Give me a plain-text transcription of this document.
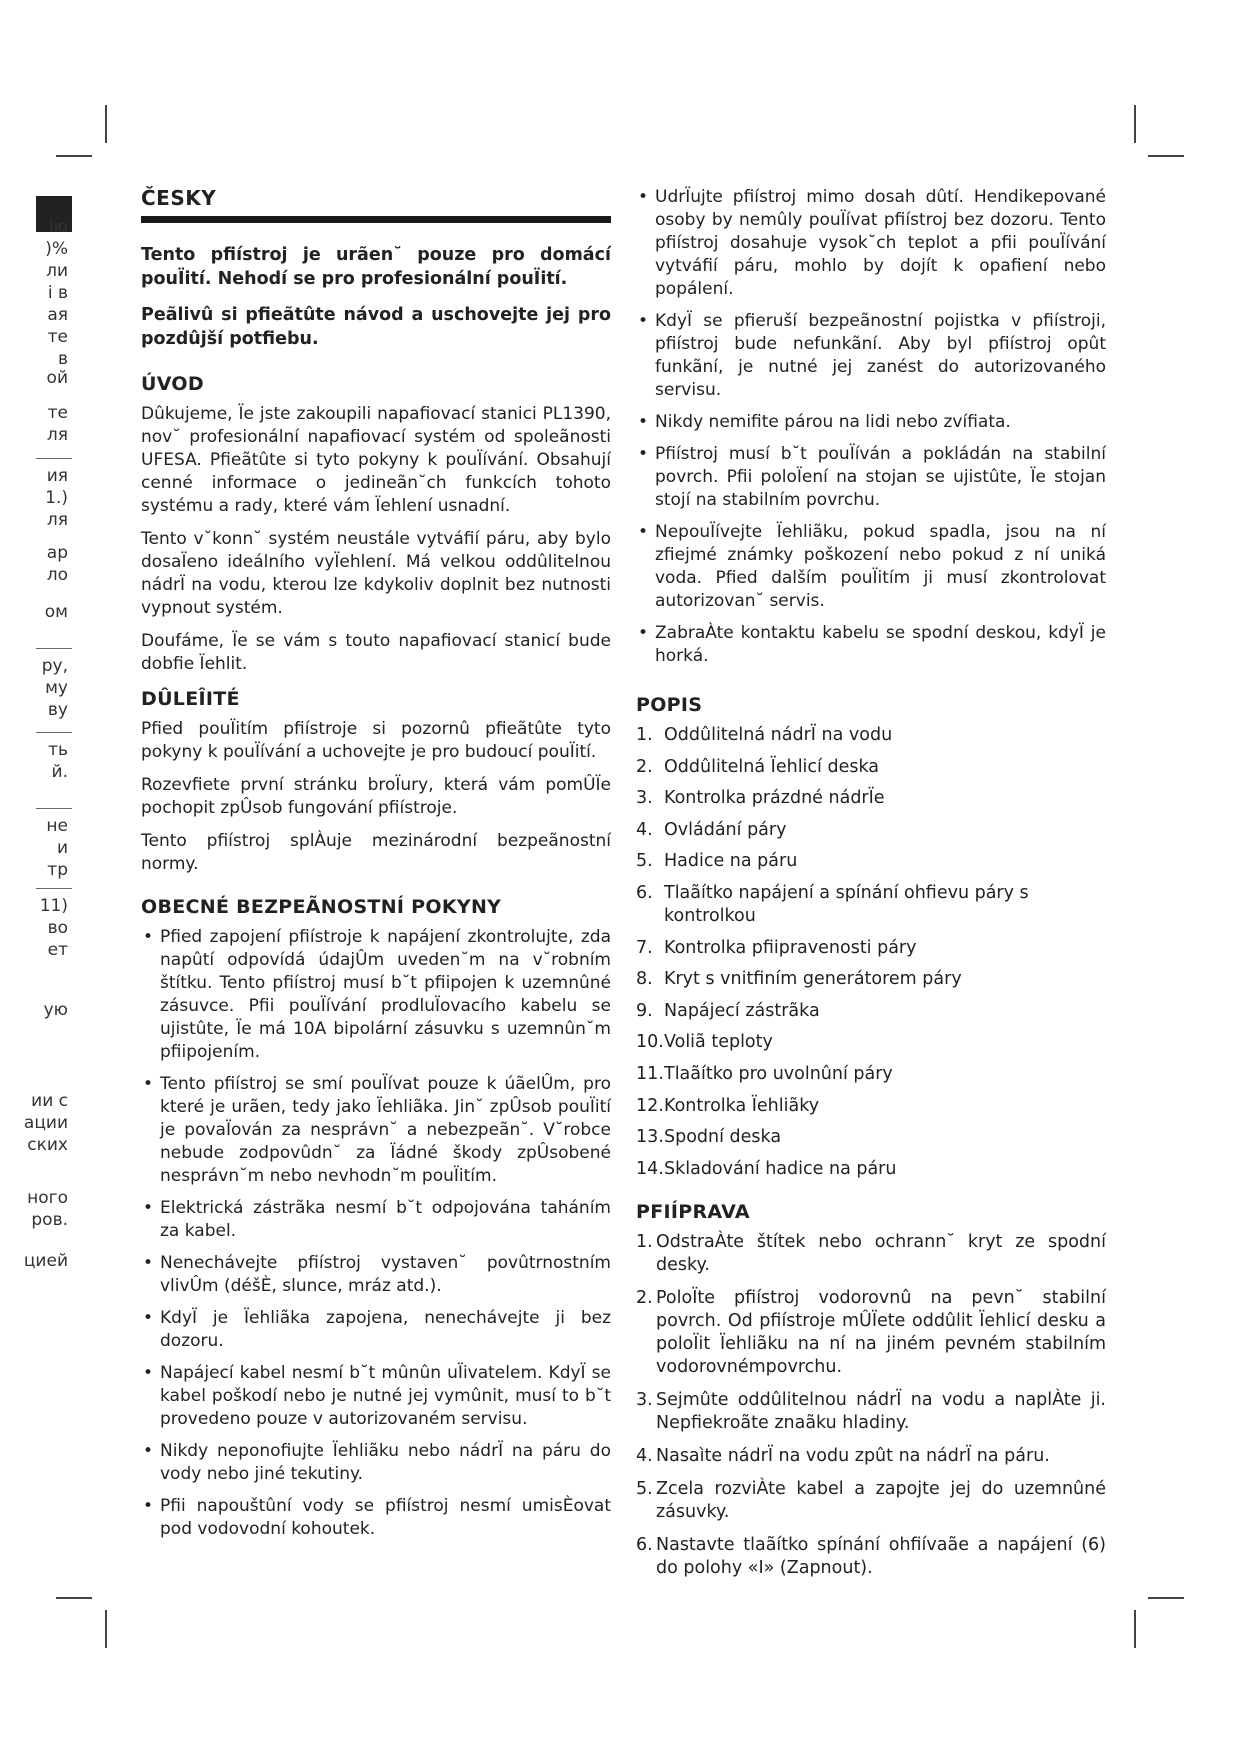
ію
)%
ли
і в
ая
те
в
ой
те
ля
ия
1.)
ля
ар
ло
ом
ру,
му
ву
ть
й.
не
и
тр
11)
во
ет
ую
ии с
ации
ских
ного
ров.
цией
ČESKY

Tento pfiístroj je urãen˘ pouze pro domácí pouÏití. Nehodí se pro profesionální pouÏití.

Peãlivû si pfieãtûte návod a uschovejte jej pro pozdûjší potfiebu.

ÚVOD

Dûkujeme, Ïe jste zakoupili napafiovací stanici PL1390, nov˘ profesionální napafiovací systém od spoleãnosti UFESA. Pfieãtûte si tyto pokyny k pouÏívání. Obsahují cenné informace o jedineãn˘ch funkcích tohoto systému a rady, které vám Ïehlení usnadní.

Tento v˘konn˘ systém neustále vytváfií páru, aby bylo dosaÏeno ideálního vyÏehlení. Má velkou oddûlitelnou nádrÏ na vodu, kterou lze kdykoliv doplnit bez nutnosti vypnout systém.

Doufáme, Ïe se vám s touto napafiovací stanicí bude dobfie Ïehlit.

DÛLEÎITÉ

Pfied pouÏitím pfiístroje si pozornû pfieãtûte tyto pokyny k pouÏívání a uchovejte je pro budoucí pouÏití.

Rozevfiete první stránku broÏury, která vám pomÛÏe pochopit zpÛsob fungování pfiístroje.

Tento pfiístroj splÀuje mezinárodní bezpeãnostní normy.

OBECNÉ BEZPEÃNOSTNÍ POKYNY
• Pfied zapojení pfiístroje k napájení zkontrolujte, zda napûtí odpovídá údajÛm uveden˘m na v˘robním štítku. Tento pfiístroj musí b˘t pfiipojen k uzemnûné zásuvce. Pfii pouÏívání prodluÏovacího kabelu se ujistûte, Ïe má 10A bipolární zásuvku s uzemnûn˘m pfiipojením.
• Tento pfiístroj se smí pouÏívat pouze k úãelÛm, pro které je urãen, tedy jako Ïehliãka. Jin˘ zpÛsob pouÏití je povaÏován za nesprávn˘ a nebezpeãn˘. V˘robce nebude zodpovûdn˘ za Ïádné škody zpÛsobené nesprávn˘m nebo nevhodn˘m pouÏitím.
• Elektrická zástrãka nesmí b˘t odpojována taháním za kabel.
• Nenechávejte pfiístroj vystaven˘ povûtrnostním vlivÛm (déšÈ, slunce, mráz atd.).
• KdyÏ je Ïehliãka zapojena, nenechávejte ji bez dozoru.
• Napájecí kabel nesmí b˘t mûnûn uÏivatelem. KdyÏ se kabel poškodí nebo je nutné jej vymûnit, musí to b˘t provedeno pouze v autorizovaném servisu.
• Nikdy neponofiujte Ïehliãku nebo nádrÏ na páru do vody nebo jiné tekutiny.
• Pfii napouštûní vody se pfiístroj nesmí umisÈovat pod vodovodní kohoutek.
• UdrÏujte pfiístroj mimo dosah dûtí. Hendikepované osoby by nemûly pouÏívat pfiístroj bez dozoru. Tento pfiístroj dosahuje vysok˘ch teplot a pfii pouÏívání vytváfií páru, mohlo by dojít k opafiení nebo popálení.
• KdyÏ se pfieruší bezpeãnostní pojistka v pfiístroji, pfiístroj bude nefunkãní. Aby byl pfiístroj opût funkãní, je nutné jej zanést do autorizovaného servisu.
• Nikdy nemifite párou na lidi nebo zvífiata.
• Pfiístroj musí b˘t pouÏíván a pokládán na stabilní povrch. Pfii poloÏení na stojan se ujistûte, Ïe stojan stojí na stabilním povrchu.
• NepouÏívejte Ïehliãku, pokud spadla, jsou na ní zfiejmé známky poškození nebo pokud z ní uniká voda. Pfied dalším pouÏitím ji musí zkontrolovat autorizovan˘ servis.
• ZabraÀte kontaktu kabelu se spodní deskou, kdyÏ je horká.
POPIS
1. Oddûlitelná nádrÏ na vodu
2. Oddûlitelná Ïehlicí deska
3. Kontrolka prázdné nádrÏe
4. Ovládání páry
5. Hadice na páru
6. Tlaãítko napájení a spínání ohfievu páry s kontrolkou
7. Kontrolka pfiipravenosti páry
8. Kryt s vnitfiním generátorem páry
9. Napájecí zástrãka
10. Voliã teploty
11. Tlaãítko pro uvolnûní páry
12. Kontrolka Ïehliãky
13. Spodní deska
14. Skladování hadice na páru
PFIÍPRAVA
1. OdstraÀte štítek nebo ochrann˘ kryt ze spodní desky.
2. PoloÏte pfiístroj vodorovnû na pevn˘ stabilní povrch. Od pfiístroje mÛÏete oddûlit Ïehlicí desku a poloÏit Ïehliãku na ní na jiném pevném stabilním vodorovnémpovrchu.
3. Sejmûte oddûlitelnou nádrÏ na vodu a naplÀte ji. Nepfiekroãte znaãku hladiny.
4. Nasaìte nádrÏ na vodu zpût na nádrÏ na páru.
5. Zcela rozviÀte kabel a zapojte jej do uzemnûné zásuvky.
6. Nastavte tlaãítko spínání ohfiívaãe a napájení (6) do polohy «I» (Zapnout).
